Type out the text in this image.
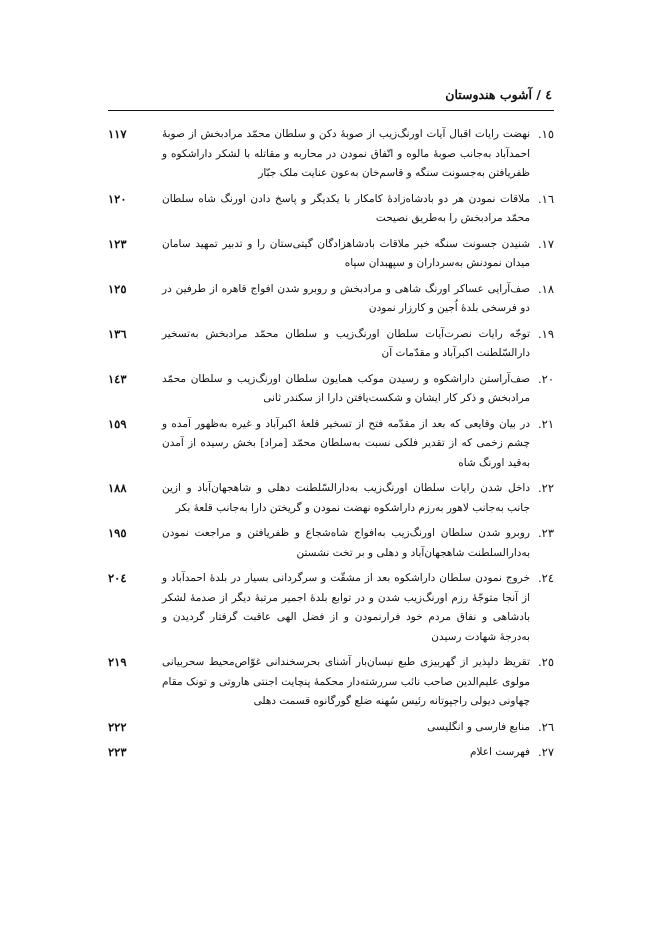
٤ / آشوب هندوستان
١٥.
نهضت رایات اقبال آیات اورنگ‌زیب از صوبهٔ دکن و سلطان محمّد مرادبخش از صوبهٔ احمدآباد به‌جانب صوبهٔ مالوه و اتّفاق نمودن در محاربه و مقاتله با لشکر داراشکوه و ظفریافتن به‌جسونت سنگه و قاسم‌خان به‌عون عنایت ملک جبّار
١١٧
١٦.
ملاقات نمودن هر دو بادشاه‌زادهٔ کامکار با یکدیگر و پاسخ دادن اورنگ شاه سلطان محمّد مرادبخش را به‌طریق نصیحت
١٢٠
١٧.
شنیدن جسونت سنگه خبر ملاقات بادشاهزادگان گیتی‌ستان را و تدبیر تمهید سامان میدان نمودنش به‌سرداران و سپهبدان سپاه
١٢٣
١٨.
صف‌آرایی عساکر اورنگ شاهی و مرادبخش و روبرو شدن افواج قاهره از طرفین در دو فرسخی بلدهٔ اُجین و کارزار نمودن
١٢٥
١٩.
توجّه رایات نصرت‌آیات سلطان اورنگ‌زیب و سلطان محمّد مرادبخش به‌تسخیر دارالسّلطنت اکبرآباد و مقدّمات آن
١٣٦
٢٠.
صف‌آراستن داراشکوه و رسیدن موکب همایون سلطان اورنگ‌زیب و سلطان محمّد مرادبخش و ذکر کار ایشان و شکست‌یافتن دارا از سکندر ثانی
١٤٣
٢١.
در بیان وقایعی که بعد از مقدّمه فتح از تسخیر قلعهٔ اکبرآباد و غیره به‌ظهور آمده و چشم زخمی که از تقدیر فلکی نسبت به‌سلطان محمّد [مراد] بخش رسیده از آمدن به‌قید اورنگ شاه
١٥٩
٢٢.
داخل شدن رایات سلطان اورنگ‌زیب به‌دارالسّلطنت دهلی و شاهجهان‌آباد و ازین جانب به‌جانب لاهور به‌رزم داراشکوه نهضت نمودن و گریختن دارا به‌جانب قلعهٔ بکر
١٨٨
٢٣.
روبرو شدن سلطان اورنگ‌زیب به‌افواج شاه‌شجاع و ظفریافتن و مراجعت نمودن به‌دارالسلطنت شاهجهان‌آباد و دهلی و بر تخت نشستن
١٩٥
٢٤.
خروج نمودن سلطان داراشکوه بعد از مشقّت و سرگردانی بسیار در بلدهٔ احمدآباد و از آنجا متوجّهٔ رزم اورنگ‌زیب شدن و در توابع بلدهٔ اجمیر مرتبهٔ دیگر از صدمهٔ لشکر بادشاهی و نفاق مردم خود فرارنمودن و از فضل الهی عاقبت گرفتار گردیدن و به‌درجهٔ شهادت رسیدن
٢٠٤
٢٥.
تقریظ دلپذیر از گهربیزی طبع نیسان‌بار آشنای بحرسخندانی غوّاص‌محیط سحربیانی مولوی علیم‌الدین صاحب نائب سررشته‌دار محکمهٔ پنچایت اجنتی هاروتی و تونک مقام چهاونی دیولی راجپوتانه رئیس سُهنه ضلع گورگانوه قسمت دهلی
٢١٩
٢٦.
منابع فارسی و انگلیسی
٢٢٢
٢٧.
فهرست اعلام
٢٢٣
